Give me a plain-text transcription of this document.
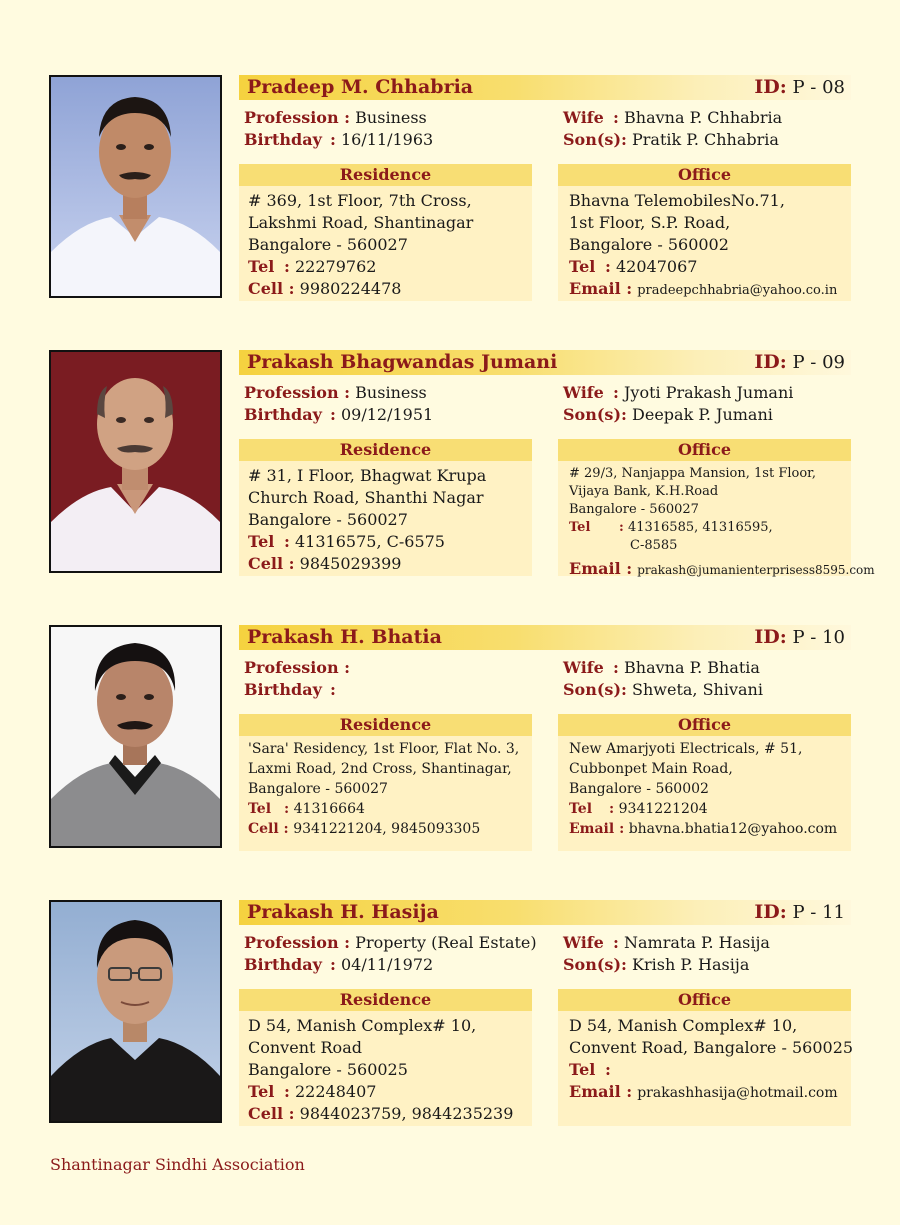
Pradeep M. Chhabria	ID: P - 08
Profession : Business
Birthday : 16/11/1963
Wife : Bhavna P. Chhabria
Son(s): Pratik P. Chhabria
Residence
# 369, 1st Floor, 7th Cross,
Lakshmi Road, Shantinagar
Bangalore - 560027
Tel : 22279762
Cell : 9980224478
Office
Bhavna TelemobilesNo.71,
1st Floor, S.P. Road,
Bangalore - 560002
Tel : 42047067
Email : pradeepchhabria@yahoo.co.in
Prakash Bhagwandas Jumani	ID: P - 09
Profession : Business
Birthday : 09/12/1951
Wife : Jyoti Prakash Jumani
Son(s): Deepak P. Jumani
Residence
# 31, I Floor, Bhagwat Krupa
Church Road, Shanthi Nagar
Bangalore - 560027
Tel : 41316575, C-6575
Cell : 9845029399
Office
# 29/3, Nanjappa Mansion, 1st Floor,
Vijaya Bank, K.H.Road
Bangalore - 560027
Tel : 41316585, 41316595,
C-8585
Email : prakash@jumanienterprisess8595.com
Prakash H. Bhatia	ID: P - 10
Profession :
Birthday :
Wife : Bhavna P. Bhatia
Son(s): Shweta, Shivani
Residence
'Sara' Residency, 1st Floor, Flat No. 3,
Laxmi Road, 2nd Cross, Shantinagar,
Bangalore - 560027
Tel : 41316664
Cell : 9341221204, 9845093305
Office
New Amarjyoti Electricals, # 51,
Cubbonpet Main Road,
Bangalore - 560002
Tel : 9341221204
Email : bhavna.bhatia12@yahoo.com
Prakash H. Hasija	ID: P - 11
Profession : Property (Real Estate)
Birthday : 04/11/1972
Wife : Namrata P. Hasija
Son(s): Krish P. Hasija
Residence
D 54, Manish Complex# 10,
Convent Road
Bangalore - 560025
Tel : 22248407
Cell : 9844023759, 9844235239
Office
D 54, Manish Complex# 10,
Convent Road, Bangalore - 560025
Tel :
Email : prakashhasija@hotmail.com
Shantinagar Sindhi Association
